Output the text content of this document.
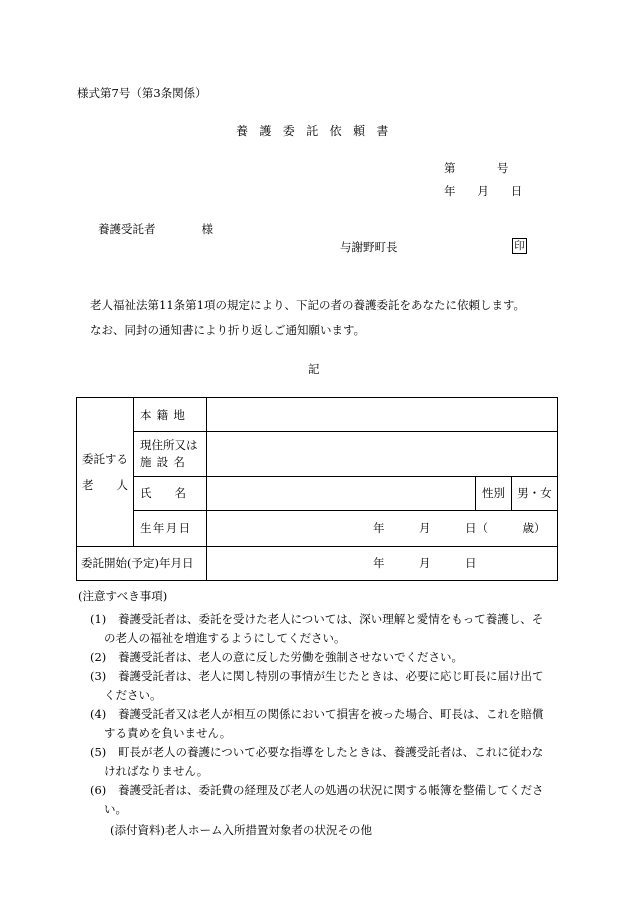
様式第7号（第3条関係）
養護委託依頼書
第　　　号
年　月　日
養護受託者　　　　様
与謝野町長	印
老人福祉法第11条第1項の規定により、下記の者の養護委託をあなたに依頼します。
なお、同封の通知書により折り返しご通知願います。
記
委託する
老　　人	本籍地			

	現住所又は
施設名			

	氏　　名		性別	男・女
	生年月日	年　　　月　　　日（　　　歳）		
委託開始(予定)年月日		年　　　月　　　日		
(注意すべき事項)
(1)	養護受託者は、委託を受けた老人については、深い理解と愛情をもって養護し、そ
の老人の福祉を増進するようにしてください。
(2)	養護受託者は、老人の意に反した労働を強制させないでください。
(3)	養護受託者は、老人に関し特別の事情が生じたときは、必要に応じ町長に届け出て
ください。
(4)	養護受託者又は老人が相互の関係において損害を被った場合、町長は、これを賠償
する責めを負いません。
(5)	町長が老人の養護について必要な指導をしたときは、養護受託者は、これに従わな
ければなりません。
(6)	養護受託者は、委託費の経理及び老人の処遇の状況に関する帳簿を整備してくださ
い。
(添付資料)老人ホーム入所措置対象者の状況その他
